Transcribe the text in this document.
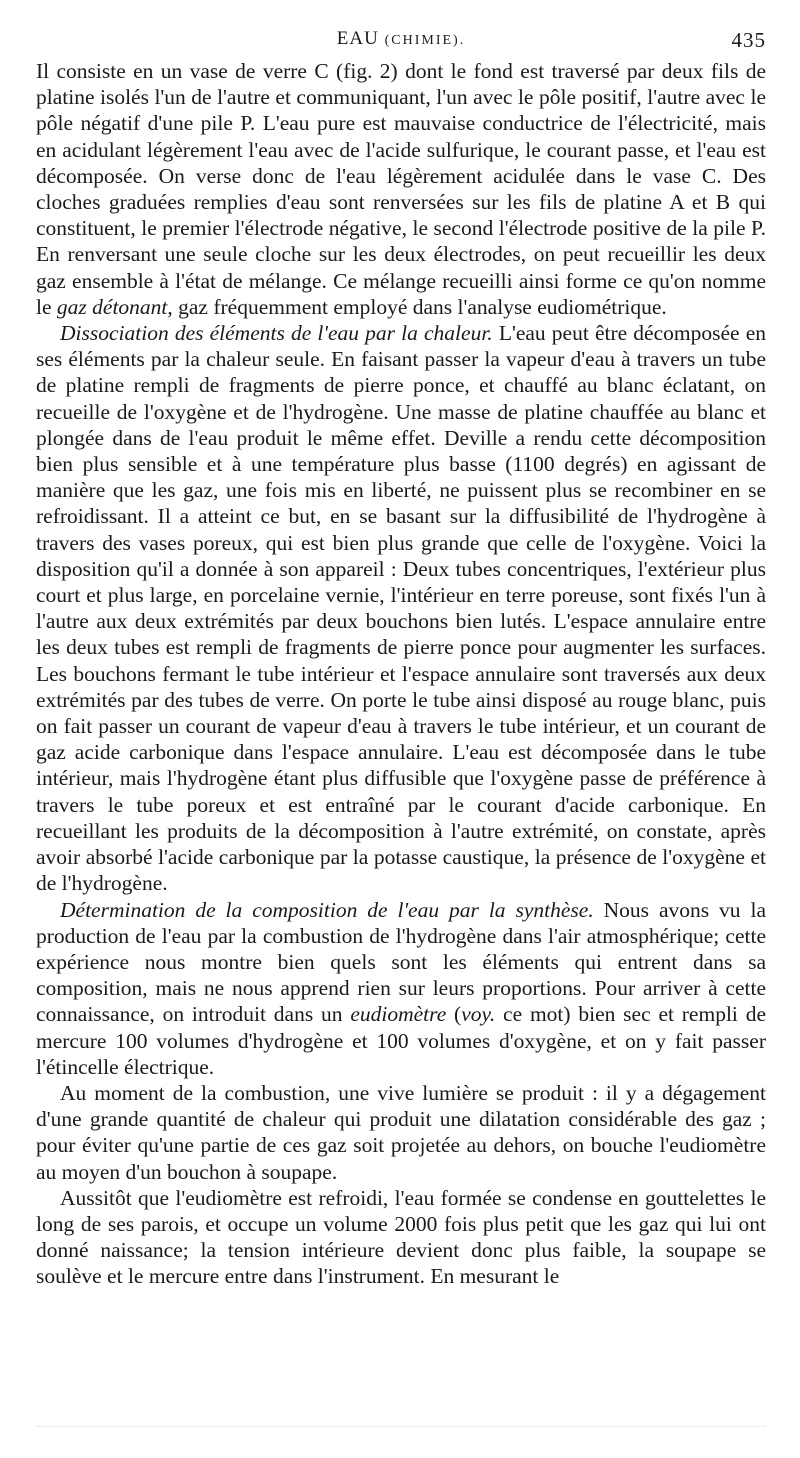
EAU (CHIMIE).	435

Il consiste en un vase de verre C (fig. 2) dont le fond est traversé par deux fils de platine isolés l'un de l'autre et communiquant, l'un avec le pôle positif, l'autre avec le pôle négatif d'une pile P. L'eau pure est mauvaise conductrice de l'électricité, mais en acidulant légèrement l'eau avec de l'acide sulfurique, le courant passe, et l'eau est décomposée. On verse donc de l'eau légèrement acidulée dans le vase C. Des cloches graduées remplies d'eau sont renversées sur les fils de platine A et B qui constituent, le premier l'électrode négative, le second l'électrode positive de la pile P. En renversant une seule cloche sur les deux électrodes, on peut recueillir les deux gaz ensemble à l'état de mélange. Ce mélange recueilli ainsi forme ce qu'on nomme le gaz détonant, gaz fréquemment employé dans l'analyse eudiométrique.

Dissociation des éléments de l'eau par la chaleur. L'eau peut être décomposée en ses éléments par la chaleur seule. En faisant passer la vapeur d'eau à travers un tube de platine rempli de fragments de pierre ponce, et chauffé au blanc éclatant, on recueille de l'oxygène et de l'hydrogène. Une masse de platine chauffée au blanc et plongée dans de l'eau produit le même effet. Deville a rendu cette décomposition bien plus sensible et à une température plus basse (1100 degrés) en agissant de manière que les gaz, une fois mis en liberté, ne puissent plus se recombiner en se refroidissant. Il a atteint ce but, en se basant sur la diffusibilité de l'hydrogène à travers des vases poreux, qui est bien plus grande que celle de l'oxygène. Voici la disposition qu'il a donnée à son appareil : Deux tubes concentriques, l'extérieur plus court et plus large, en porcelaine vernie, l'intérieur en terre poreuse, sont fixés l'un à l'autre aux deux extrémités par deux bouchons bien lutés. L'espace annulaire entre les deux tubes est rempli de fragments de pierre ponce pour augmenter les surfaces. Les bouchons fermant le tube intérieur et l'espace annulaire sont traversés aux deux extrémités par des tubes de verre. On porte le tube ainsi disposé au rouge blanc, puis on fait passer un courant de vapeur d'eau à travers le tube intérieur, et un courant de gaz acide carbonique dans l'espace annulaire. L'eau est décomposée dans le tube intérieur, mais l'hydrogène étant plus diffusible que l'oxygène passe de préférence à travers le tube poreux et est entraîné par le courant d'acide carbonique. En recueillant les produits de la décomposition à l'autre extrémité, on constate, après avoir absorbé l'acide carbonique par la potasse caustique, la présence de l'oxygène et de l'hydrogène.

Détermination de la composition de l'eau par la synthèse. Nous avons vu la production de l'eau par la combustion de l'hydrogène dans l'air atmosphérique; cette expérience nous montre bien quels sont les éléments qui entrent dans sa composition, mais ne nous apprend rien sur leurs proportions. Pour arriver à cette connaissance, on introduit dans un eudiomètre (voy. ce mot) bien sec et rempli de mercure 100 volumes d'hydrogène et 100 volumes d'oxygène, et on y fait passer l'étincelle électrique.

Au moment de la combustion, une vive lumière se produit : il y a dégagement d'une grande quantité de chaleur qui produit une dilatation considérable des gaz ; pour éviter qu'une partie de ces gaz soit projetée au dehors, on bouche l'eudiomètre au moyen d'un bouchon à soupape.

Aussitôt que l'eudiomètre est refroidi, l'eau formée se condense en gouttelettes le long de ses parois, et occupe un volume 2000 fois plus petit que les gaz qui lui ont donné naissance; la tension intérieure devient donc plus faible, la soupape se soulève et le mercure entre dans l'instrument. En mesurant le
